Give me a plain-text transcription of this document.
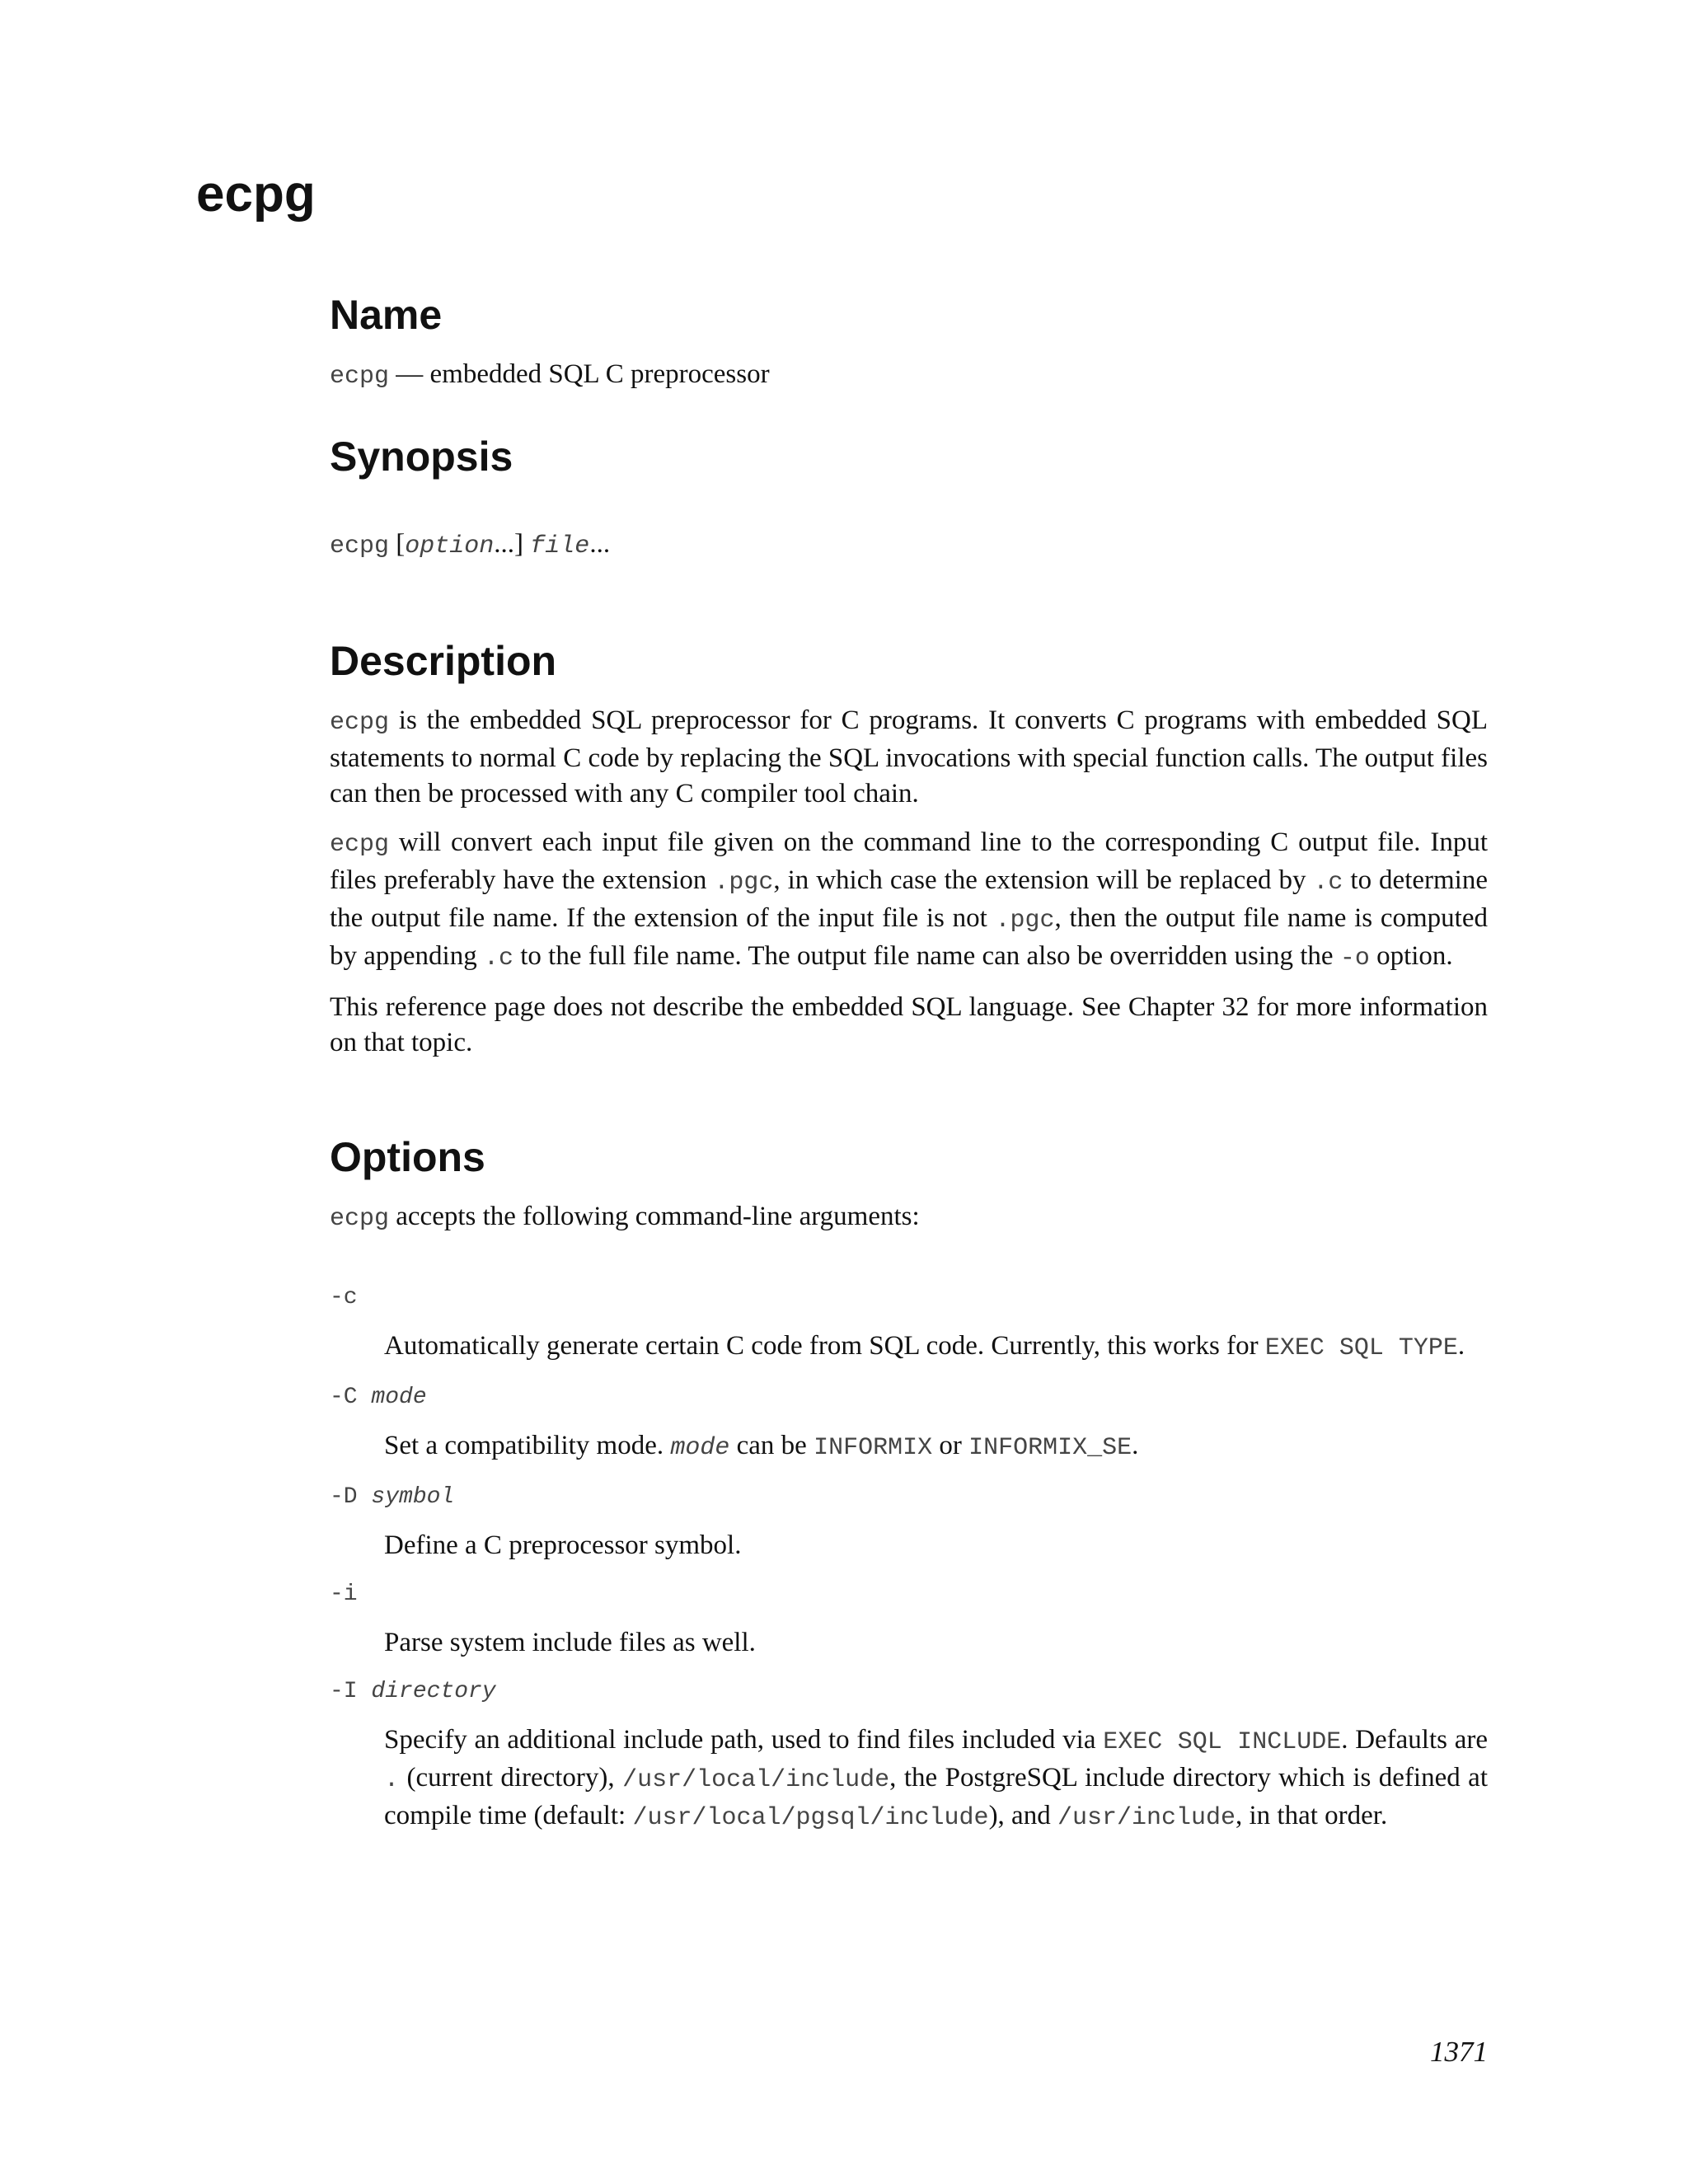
ecpg
Name

ecpg — embedded SQL C preprocessor

Synopsis

ecpg [option...] file...

Description

ecpg is the embedded SQL preprocessor for C programs. It converts C programs with embedded SQL statements to normal C code by replacing the SQL invocations with special function calls. The output files can then be processed with any C compiler tool chain.

ecpg will convert each input file given on the command line to the corresponding C output file. Input files preferably have the extension .pgc, in which case the extension will be replaced by .c to determine the output file name. If the extension of the input file is not .pgc, then the output file name is computed by appending .c to the full file name. The output file name can also be overridden using the -o option.

This reference page does not describe the embedded SQL language. See Chapter 32 for more information on that topic.

Options

ecpg accepts the following command-line arguments:

-c

Automatically generate certain C code from SQL code. Currently, this works for EXEC SQL TYPE.

-C mode

Set a compatibility mode. mode can be INFORMIX or INFORMIX_SE.

-D symbol

Define a C preprocessor symbol.

-i

Parse system include files as well.

-I directory

Specify an additional include path, used to find files included via EXEC SQL INCLUDE. Defaults are . (current directory), /usr/local/include, the PostgreSQL include directory which is defined at compile time (default: /usr/local/pgsql/include), and /usr/include, in that order.

1371
